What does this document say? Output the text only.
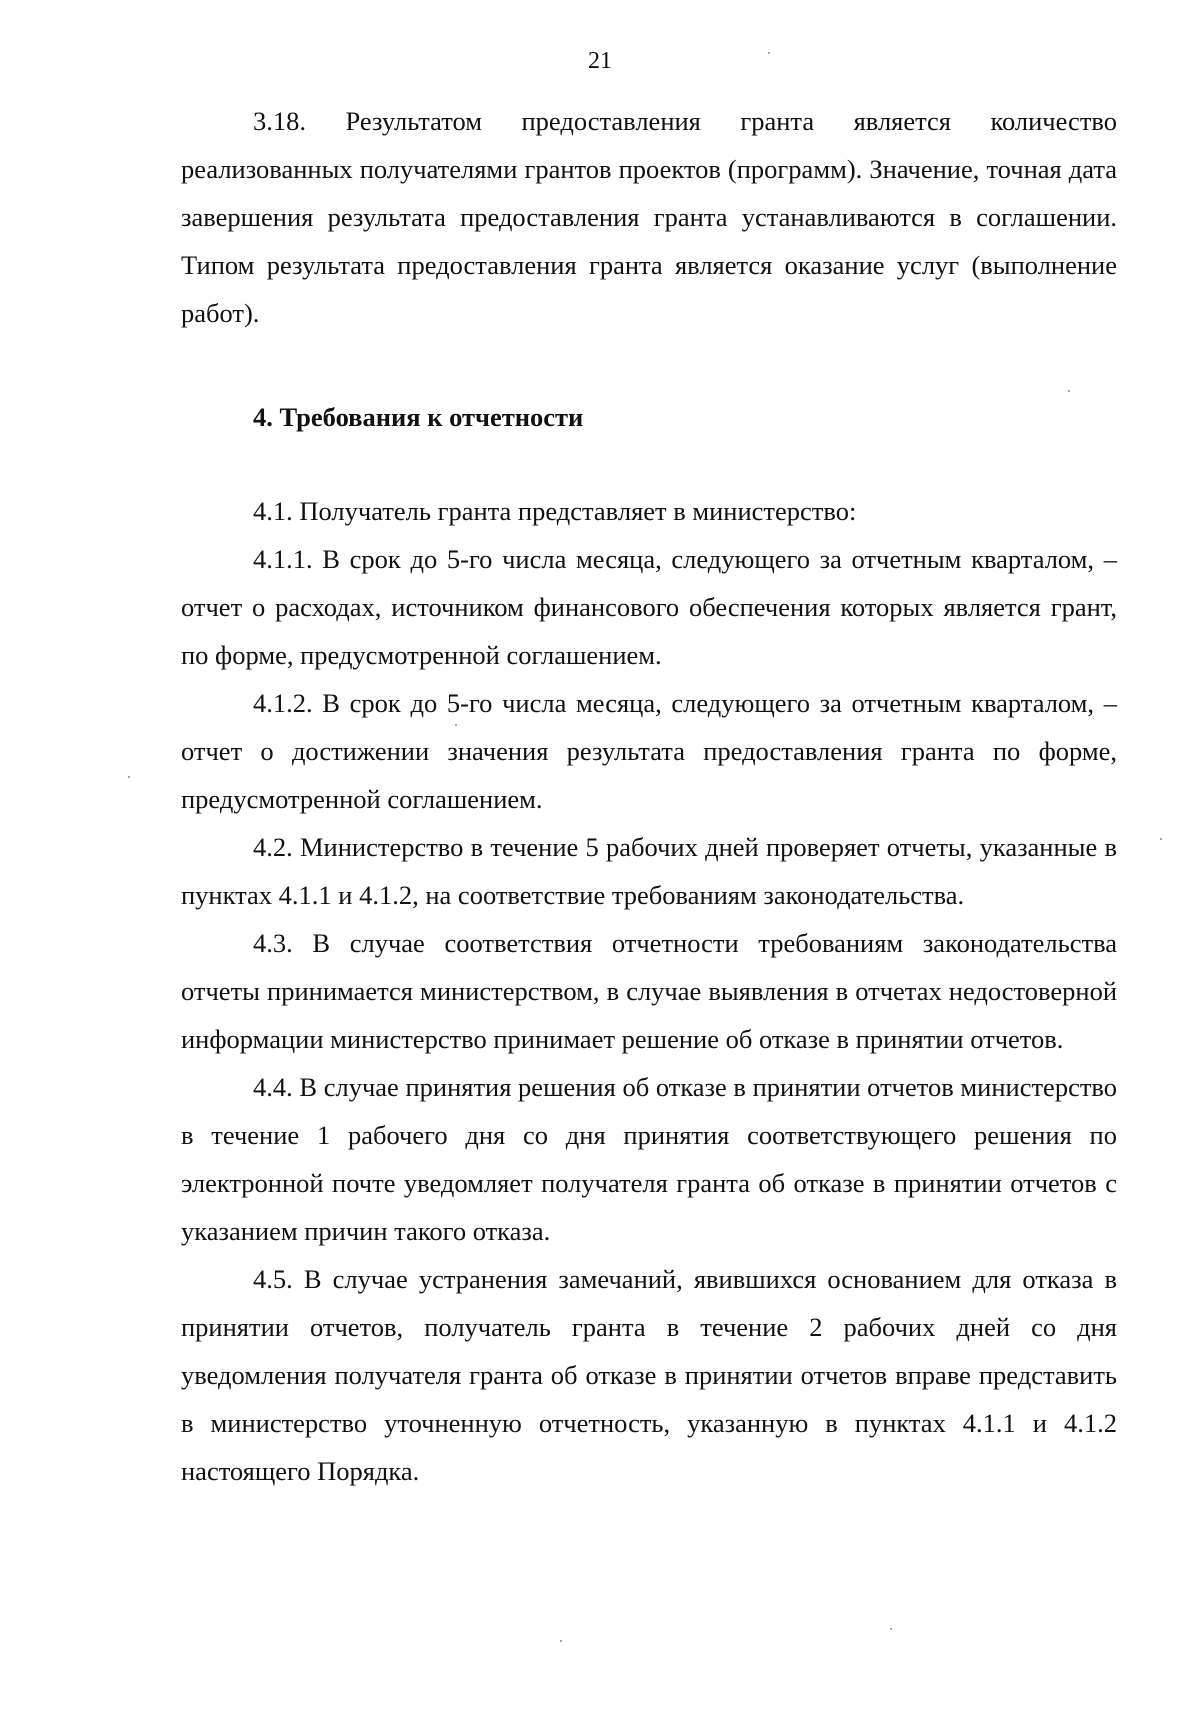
21

3.18. Результатом предоставления гранта является количество реализованных получателями грантов проектов (программ). Значение, точная дата завершения результата предоставления гранта устанавливаются в соглашении. Типом результата предоставления гранта является оказание услуг (выполнение работ).

4. Требования к отчетности

4.1. Получатель гранта представляет в министерство:

4.1.1. В срок до 5-го числа месяца, следующего за отчетным кварталом, – отчет о расходах, источником финансового обеспечения которых является грант, по форме, предусмотренной соглашением.

4.1.2. В срок до 5-го числа месяца, следующего за отчетным кварталом, – отчет о достижении значения результата предоставления гранта по форме, предусмотренной соглашением.

4.2. Министерство в течение 5 рабочих дней проверяет отчеты, указанные в пунктах 4.1.1 и 4.1.2, на соответствие требованиям законодательства.

4.3. В случае соответствия отчетности требованиям законодательства отчеты принимается министерством, в случае выявления в отчетах недостоверной информации министерство принимает решение об отказе в принятии отчетов.

4.4. В случае принятия решения об отказе в принятии отчетов министерство в течение 1 рабочего дня со дня принятия соответствующего решения по электронной почте уведомляет получателя гранта об отказе в принятии отчетов с указанием причин такого отказа.

4.5. В случае устранения замечаний, явившихся основанием для отказа в принятии отчетов, получатель гранта в течение 2 рабочих дней со дня уведомления получателя гранта об отказе в принятии отчетов вправе представить в министерство уточненную отчетность, указанную в пунктах 4.1.1 и 4.1.2 настоящего Порядка.
